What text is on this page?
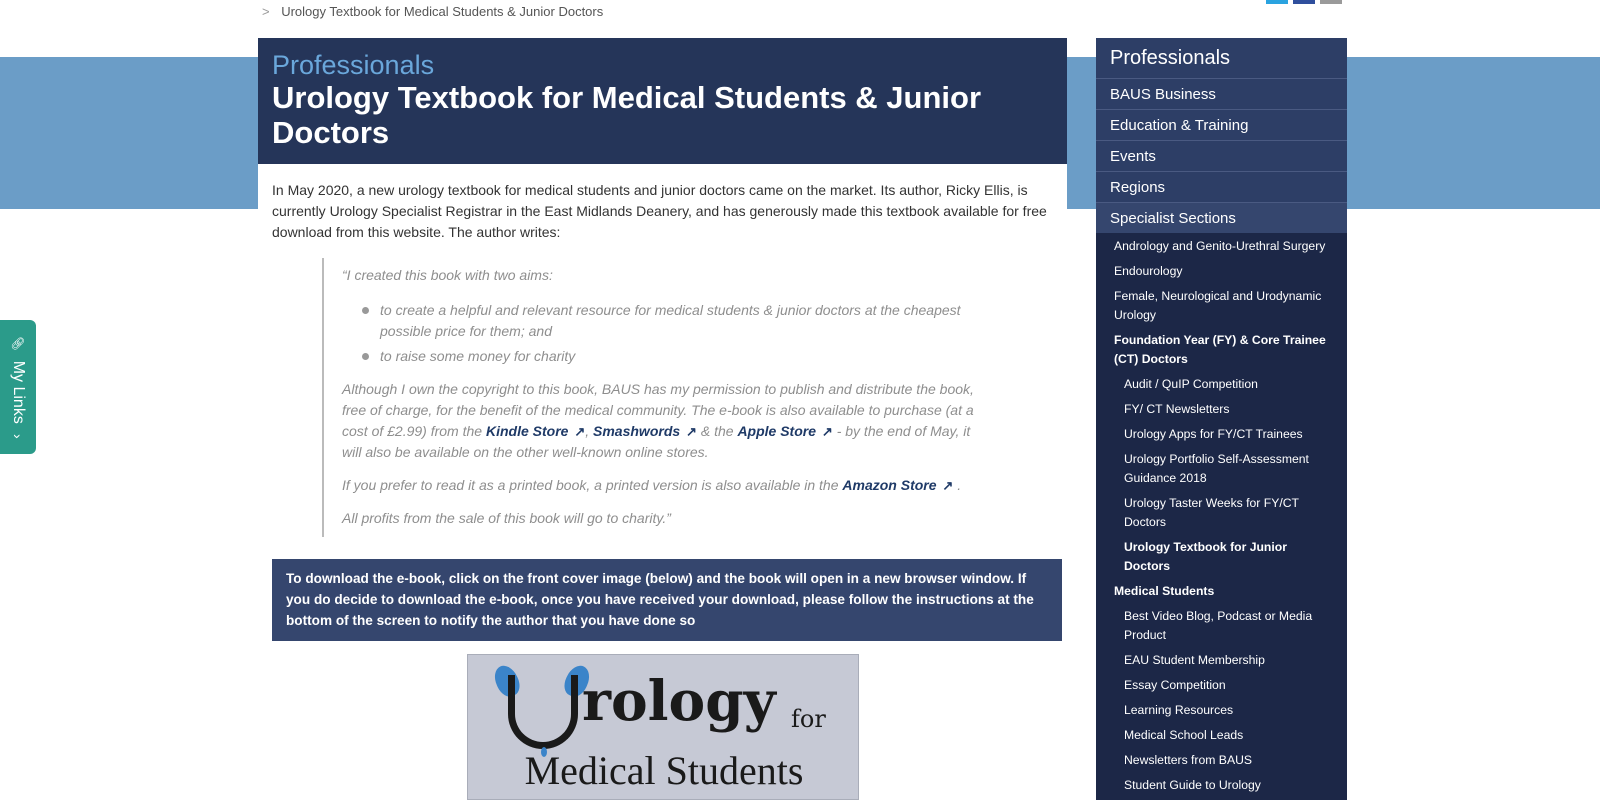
> Urology Textbook for Medical Students & Junior Doctors
Professionals
Urology Textbook for Medical Students & Junior Doctors

In May 2020, a new urology textbook for medical students and junior doctors came on the market. Its author, Ricky Ellis, is currently Urology Specialist Registrar in the East Midlands Deanery, and has generously made this textbook available for free download from this website. The author writes:

“I created this book with two aims:

to create a helpful and relevant resource for medical students & junior doctors at the cheapest possible price for them; and
to raise some money for charity

Although I own the copyright to this book, BAUS has my permission to publish and distribute the book, free of charge, for the benefit of the medical community. The e-book is also available to purchase (at a cost of £2.99) from the Kindle Store ↗, Smashwords ↗ & the Apple Store ↗ - by the end of May, it will also be available on the other well-known online stores.

If you prefer to read it as a printed book, a printed version is also available in the Amazon Store ↗ .

All profits from the sale of this book will go to charity.”

To download the e-book, click on the front cover image (below) and the book will open in a new browser window. If you do decide to download the e-book, once you have received your download, please follow the instructions at the bottom of the screen to notify the author that you have done so
rology for
Medical Students
Professionals
BAUS Business
Education & Training
Events
Regions
Specialist Sections
Andrology and Genito-Urethral Surgery
Endourology
Female, Neurological and Urodynamic Urology
Foundation Year (FY) & Core Trainee (CT) Doctors
Audit / QuIP Competition
FY/ CT Newsletters
Urology Apps for FY/CT Trainees
Urology Portfolio Self-Assessment Guidance 2018
Urology Taster Weeks for FY/CT Doctors
Urology Textbook for Junior Doctors
Medical Students
Best Video Blog, Podcast or Media Product
EAU Student Membership
Essay Competition
Learning Resources
Medical School Leads
Newsletters from BAUS
Student Guide to Urology
🔗︎ My Links ›
